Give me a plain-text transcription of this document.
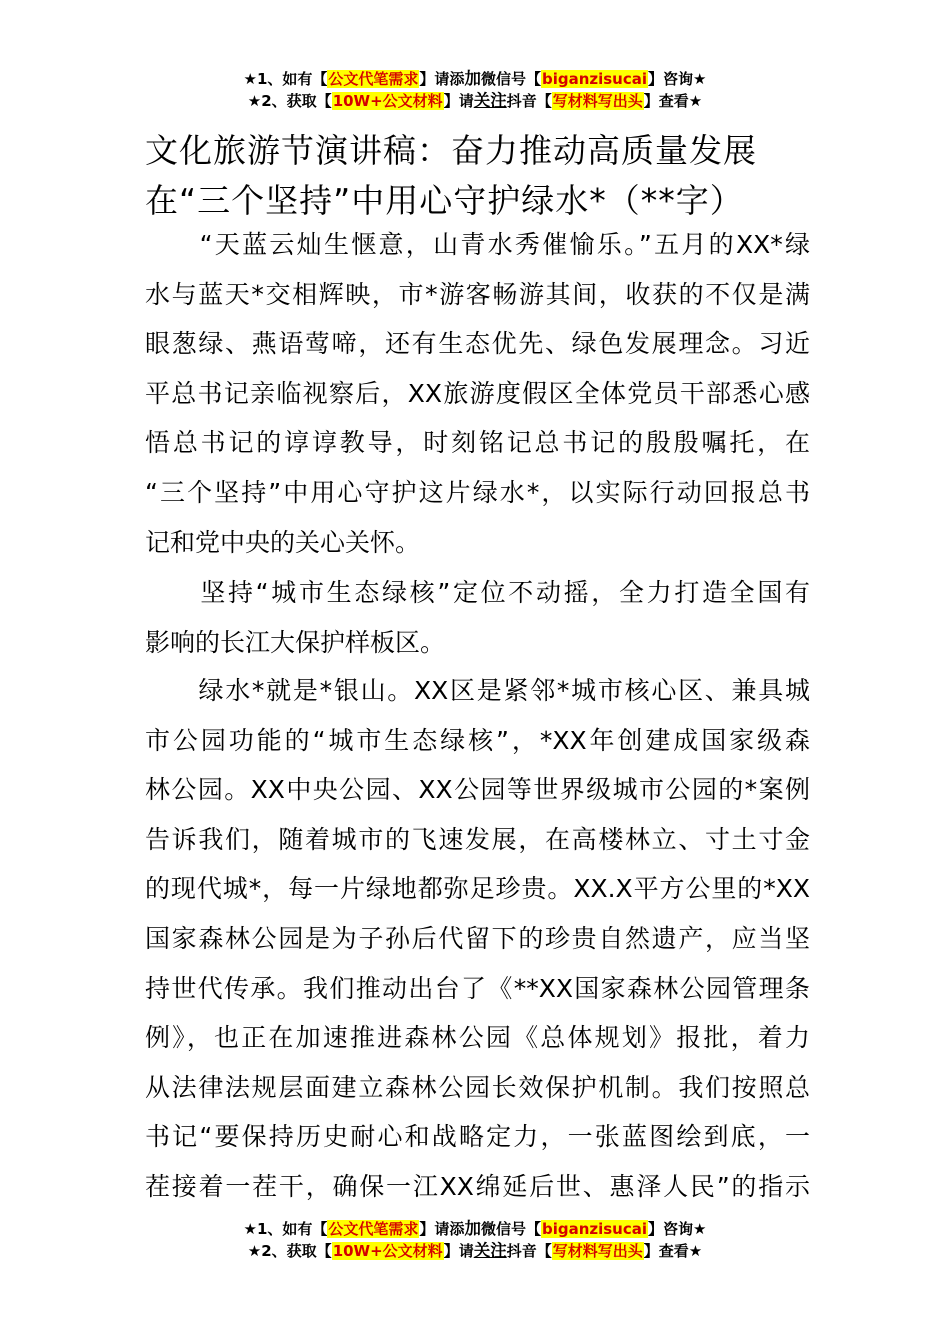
★1、如有【公文代笔需求】请添加微信号【biganzisucai】咨询★
★2、获取【10W+公文材料】请关注抖音【写材料写出头】查看★
文化旅游节演讲稿：奋力推动高质量发展
在“三个坚持”中用心守护绿水*（**字）

　　“天蓝云灿生惬意，山青水秀催愉乐。”五月的XX*绿
水与蓝天*交相辉映，市*游客畅游其间，收获的不仅是满
眼葱绿、燕语莺啼，还有生态优先、绿色发展理念。习近
平总书记亲临视察后，XX旅游度假区全体党员干部悉心感
悟总书记的谆谆教导，时刻铭记总书记的殷殷嘱托，在
“三个坚持”中用心守护这片绿水*，以实际行动回报总书
记和党中央的关心关怀。

　　坚持“城市生态绿核”定位不动摇，全力打造全国有
影响的长江大保护样板区。

　　绿水*就是*银山。XX区是紧邻*城市核心区、兼具城
市公园功能的“城市生态绿核”，*XX年创建成国家级森
林公园。XX中央公园、XX公园等世界级城市公园的*案例
告诉我们，随着城市的飞速发展，在高楼林立、寸土寸金
的现代城*，每一片绿地都弥足珍贵。XX.X平方公里的*XX
国家森林公园是为子孙后代留下的珍贵自然遗产，应当坚
持世代传承。我们推动出台了《**XX国家森林公园管理条
例》，也正在加速推进森林公园《总体规划》报批，着力
从法律法规层面建立森林公园长效保护机制。我们按照总
书记“要保持历史耐心和战略定力，一张蓝图绘到底，一
茬接着一茬干，确保一江XX绵延后世、惠泽人民”的指示

★1、如有【公文代笔需求】请添加微信号【biganzisucai】咨询★
★2、获取【10W+公文材料】请关注抖音【写材料写出头】查看★
